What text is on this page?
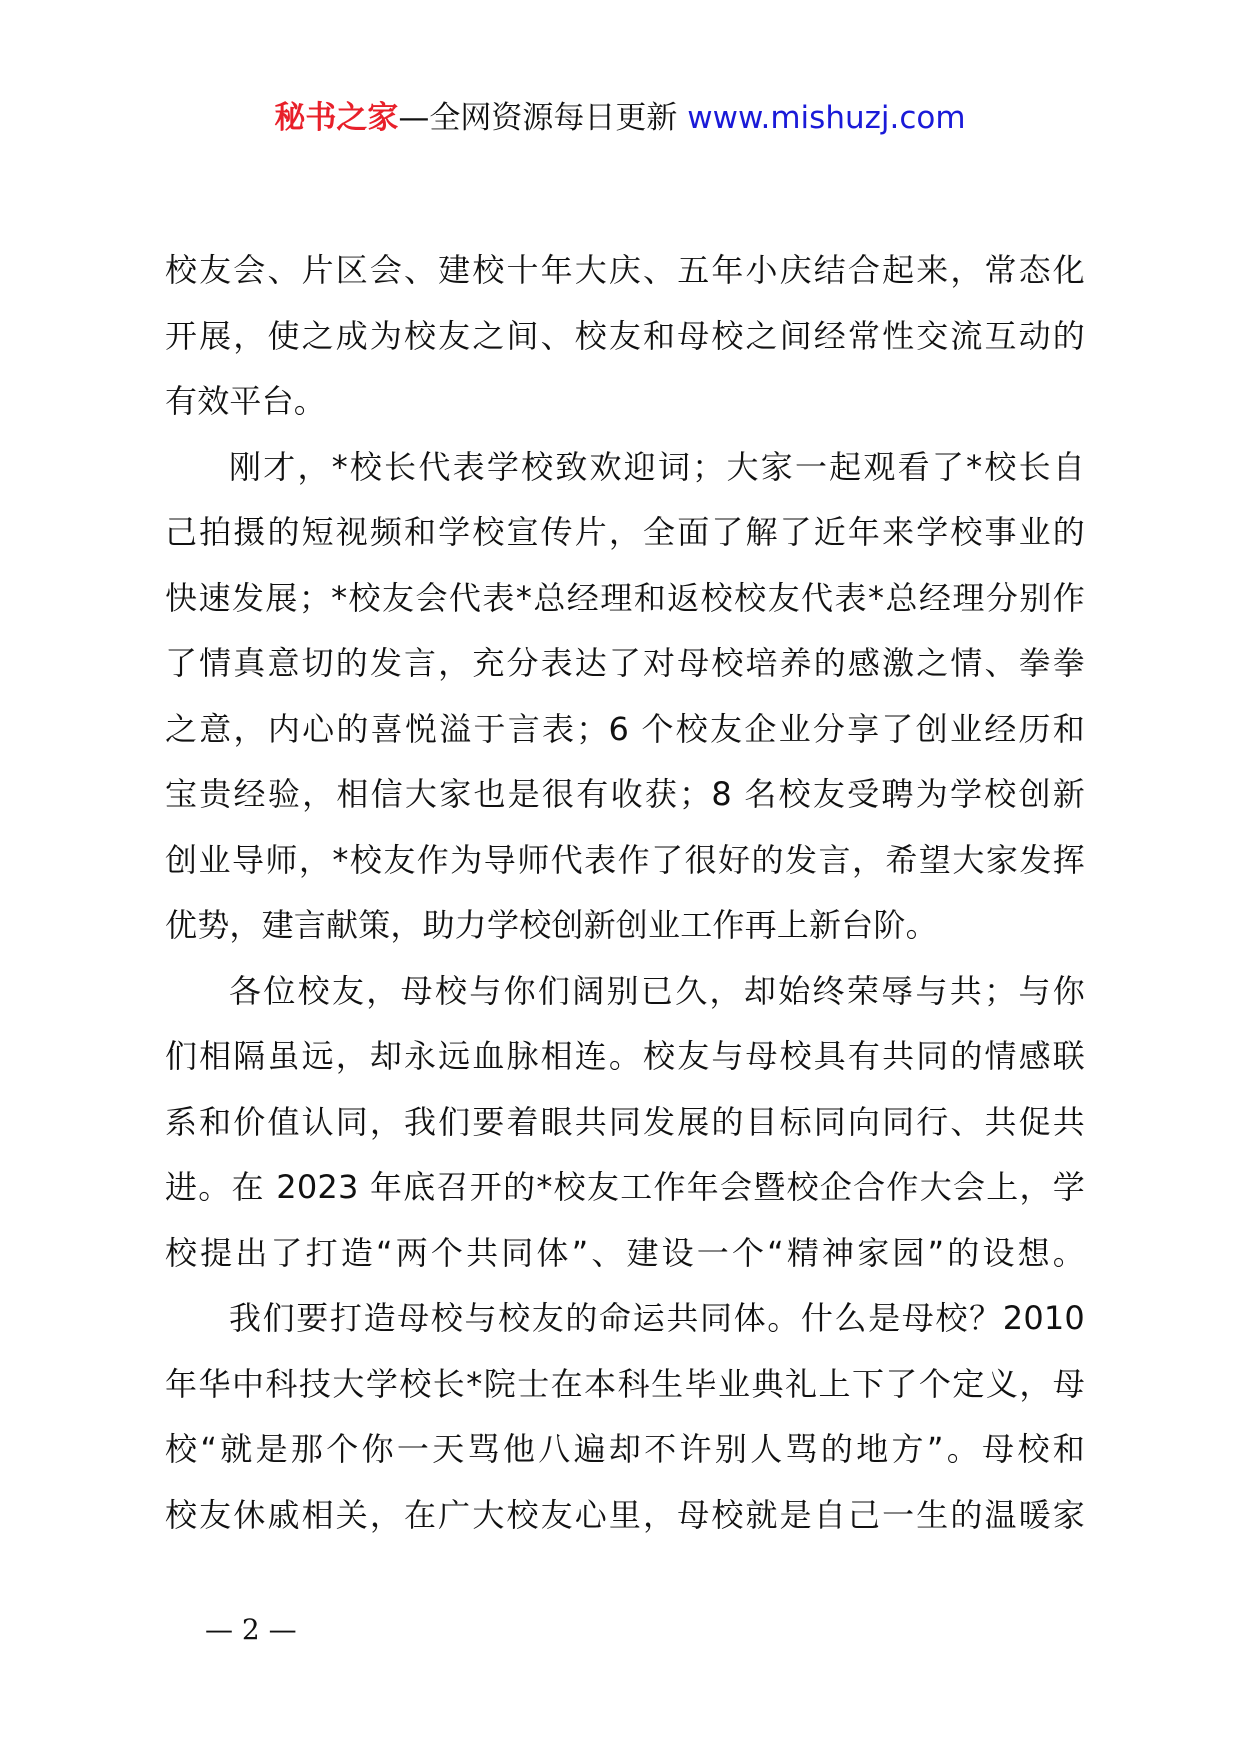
秘书之家—全网资源每日更新 www.mishuzj.com
校友会、片区会、建校十年大庆、五年小庆结合起来，常态化
开展，使之成为校友之间、校友和母校之间经常性交流互动的
有效平台。
刚才，*校长代表学校致欢迎词；大家一起观看了*校长自
己拍摄的短视频和学校宣传片，全面了解了近年来学校事业的
快速发展；*校友会代表*总经理和返校校友代表*总经理分别作
了情真意切的发言，充分表达了对母校培养的感激之情、拳拳
之意，内心的喜悦溢于言表；6 个校友企业分享了创业经历和
宝贵经验，相信大家也是很有收获；8 名校友受聘为学校创新
创业导师，*校友作为导师代表作了很好的发言，希望大家发挥
优势，建言献策，助力学校创新创业工作再上新台阶。
各位校友，母校与你们阔别已久，却始终荣辱与共；与你
们相隔虽远，却永远血脉相连。校友与母校具有共同的情感联
系和价值认同，我们要着眼共同发展的目标同向同行、共促共
进。在 2023 年底召开的*校友工作年会暨校企合作大会上，学
校提出了打造“两个共同体”、建设一个“精神家园”的设想。
我们要打造母校与校友的命运共同体。什么是母校？2010
年华中科技大学校长*院士在本科生毕业典礼上下了个定义，母
校“就是那个你一天骂他八遍却不许别人骂的地方”。母校和
校友休戚相关，在广大校友心里，母校就是自己一生的温暖家
— 2 —
